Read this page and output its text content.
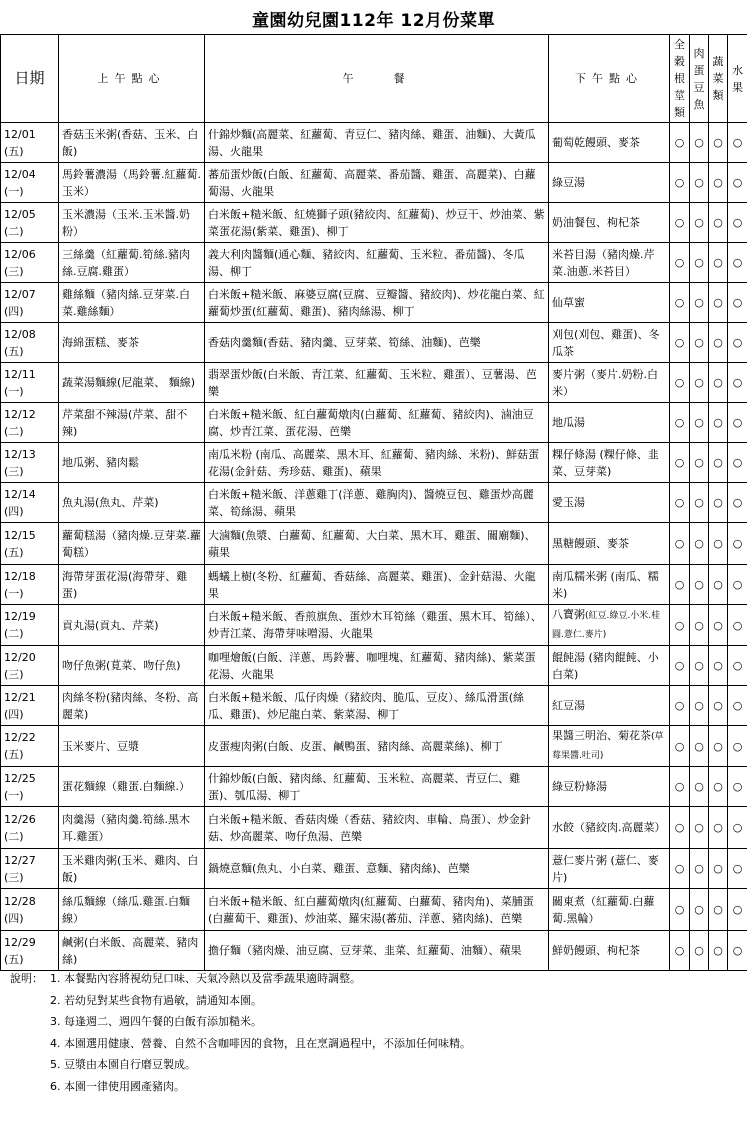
童園幼兒園112年 12月份菜單
日期	上午點心	午　　餐	下午點心	全穀根莖類	肉蛋豆魚	蔬菜類	水果
12/01(五)	香菇玉米粥(香菇、玉米、白飯)	什錦炒麵(高麗菜、紅蘿蔔、青豆仁、豬肉絲、雞蛋、油麵)、大黃瓜湯、火龍果	葡萄乾饅頭、麥茶	○	○	○	○
12/04(一)	馬鈴薯濃湯（馬鈴薯.紅蘿蔔.玉米）	蕃茄蛋炒飯(白飯、紅蘿蔔、高麗菜、番茄醬、雞蛋、高麗菜)、白蘿蔔湯、火龍果	綠豆湯	○	○	○	○
12/05(二)	玉米濃湯（玉米.玉米醬.奶粉）	白米飯+糙米飯、紅燒獅子頭(豬絞肉、紅蘿蔔)、炒豆干、炒油菜、紫菜蛋花湯(紫菜、雞蛋)、柳丁	奶油餐包、枸杞茶	○	○	○	○
12/06(三)	三絲羹（紅蘿蔔.筍絲.豬肉絲.豆腐.雞蛋）	義大利肉醬麵(通心麵、豬絞肉、紅蘿蔔、玉米粒、番茄醬)、冬瓜湯、柳丁	米苔目湯（豬肉燥.芹菜.油蔥.米苔目）	○	○	○	○
12/07(四)	雞絲麵（豬肉絲.豆芽菜.白菜.雞絲麵）	白米飯+糙米飯、麻婆豆腐(豆腐、豆瓣醬、豬絞肉)、炒花龍白菜、紅蘿蔔炒蛋(紅蘿蔔、雞蛋)、豬肉絲湯、柳丁	仙草蜜	○	○	○	○
12/08(五)	海綿蛋糕、麥茶	香菇肉羹麵(香菇、豬肉羹、豆芽菜、筍絲、油麵)、芭樂	刈包(刈包、雞蛋)、冬瓜茶	○	○	○	○
12/11(一)	蔬菜湯麵線(尼龍菜、 麵線)	翡翠蛋炒飯(白米飯、青江菜、紅蘿蔔、玉米粒、雞蛋）、豆薯湯、芭樂	麥片粥（麥片.奶粉.白米）	○	○	○	○
12/12(二)	芹菜甜不辣湯(芹菜、甜不辣)	白米飯+糙米飯、紅白蘿蔔燉肉(白蘿蔔、紅蘿蔔、豬絞肉)、滷油豆腐、炒青江菜、蛋花湯、芭樂	地瓜湯	○	○	○	○
12/13(三)	地瓜粥、豬肉鬆	南瓜米粉 (南瓜、高麗菜、黑木耳、紅蘿蔔、豬肉絲、米粉)、鮮菇蛋花湯(金針菇、秀珍菇、雞蛋)、蘋果	粿仔條湯 (粿仔條、韭菜、豆芽菜)	○	○	○	○
12/14(四)	魚丸湯(魚丸、芹菜)	白米飯+糙米飯、洋蔥雞丁(洋蔥、雞胸肉)、醬燒豆包、雞蛋炒高麗菜、筍絲湯、蘋果	愛玉湯	○	○	○	○
12/15(五)	蘿蔔糕湯（豬肉燥.豆芽菜.蘿蔔糕）	大滷麵(魚漿、白蘿蔔、紅蘿蔔、大白菜、黑木耳、雞蛋、關廟麵)、蘋果	黑糖饅頭、麥茶	○	○	○	○
12/18(一)	海帶芽蛋花湯(海帶芽、雞蛋)	螞蟻上樹(冬粉、紅蘿蔔、香菇絲、高麗菜、雞蛋)、金針菇湯、火龍果	南瓜糯米粥 (南瓜、糯米)	○	○	○	○
12/19(二)	貢丸湯(貢丸、芹菜)	白米飯+糙米飯、香煎旗魚、蛋炒木耳筍絲（雞蛋、黑木耳、筍絲）、炒青江菜、海帶芽味噌湯、火龍果	八寶粥(紅豆.綠豆.小米.桂圓.薏仁.麥片)	○	○	○	○
12/20(三)	吻仔魚粥(莧菜、吻仔魚)	咖哩燴飯(白飯、洋蔥、馬鈴薯、咖哩塊、紅蘿蔔、豬肉絲)、紫菜蛋花湯、火龍果	餛飩湯 (豬肉餛飩、小白菜)	○	○	○	○
12/21(四)	肉絲冬粉(豬肉絲、冬粉、高麗菜)	白米飯+糙米飯、瓜仔肉燥（豬絞肉、脆瓜、豆皮）、絲瓜滑蛋(絲瓜、雞蛋)、炒尼龍白菜、紫菜湯、柳丁	紅豆湯	○	○	○	○
12/22(五)	玉米麥片、豆漿	皮蛋瘦肉粥(白飯、皮蛋、鹹鴨蛋、豬肉絲、高麗菜絲)、柳丁	果醬三明治、菊花茶(草莓果醬.吐司)	○	○	○	○
12/25(一)	蛋花麵線（雞蛋.白麵線.）	什錦炒飯(白飯、豬肉絲、紅蘿蔔、玉米粒、高麗菜、青豆仁、雞蛋)、瓠瓜湯、柳丁	綠豆粉條湯	○	○	○	○
12/26(二)	肉羹湯（豬肉羹.筍絲.黑木耳.雞蛋）	白米飯+糙米飯、香菇肉燥（香菇、豬絞肉、車輪、鳥蛋）、炒金針菇、炒高麗菜、吻仔魚湯、芭樂	水餃（豬絞肉.高麗菜）	○	○	○	○
12/27(三)	玉米雞肉粥(玉米、雞肉、白飯)	鍋燒意麵(魚丸、小白菜、雞蛋、意麵、豬肉絲)、芭樂	薏仁麥片粥 (薏仁、麥片)	○	○	○	○
12/28(四)	絲瓜麵線（絲瓜.雞蛋.白麵線）	白米飯+糙米飯、紅白蘿蔔燉肉(紅蘿蔔、白蘿蔔、豬肉角)、菜脯蛋(白蘿蔔干、雞蛋)、炒油菜、羅宋湯(蕃茄、洋蔥、豬肉絲)、芭樂	關東煮（紅蘿蔔.白蘿蔔.黑輪）	○	○	○	○
12/29(五)	鹹粥(白米飯、高麗菜、豬肉絲)	擔仔麵（豬肉燥、油豆腐、豆芽菜、韭菜、紅蘿蔔、油麵）、蘋果	鮮奶饅頭、枸杞茶	○	○	○	○
說明： 1. 本餐點內容將視幼兒口味、天氣冷熱以及當季蔬果適時調整。
2. 若幼兒對某些食物有過敏，請通知本園。
3. 每逢週二、週四午餐的白飯有添加糙米。
4. 本園選用健康、營養、自然不含咖啡因的食物，且在烹調過程中，不添加任何味精。
5. 豆漿由本園自行磨豆製成。
6. 本園一律使用國產豬肉。
